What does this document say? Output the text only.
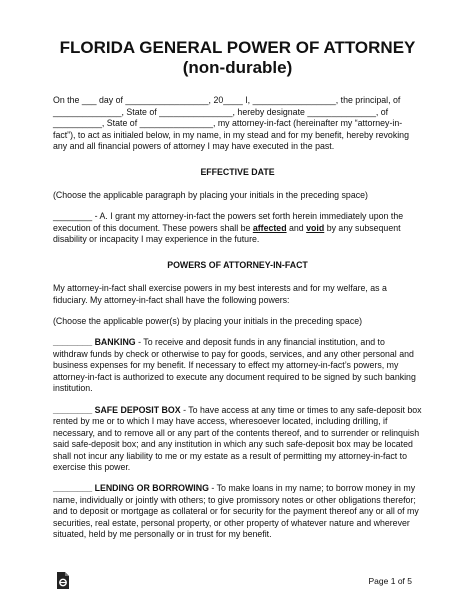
FLORIDA GENERAL POWER OF ATTORNEY
(non-durable)

On the ___ day of _________________, 20____ I, _________________, the principal, of ______________, State of _______________, hereby designate ______________, of __________, State of _______________, my attorney-in-fact (hereinafter my “attorney-in-fact”), to act as initialed below, in my name, in my stead and for my benefit, hereby revoking any and all financial powers of attorney I may have executed in the past.

EFFECTIVE DATE

(Choose the applicable paragraph by placing your initials in the preceding space)

________ - A. I grant my attorney-in-fact the powers set forth herein immediately upon the execution of this document. These powers shall be affected and void by any subsequent disability or incapacity I may experience in the future.

POWERS OF ATTORNEY-IN-FACT

My attorney-in-fact shall exercise powers in my best interests and for my welfare, as a fiduciary. My attorney-in-fact shall have the following powers:

(Choose the applicable power(s) by placing your initials in the preceding space)

________ BANKING - To receive and deposit funds in any financial institution, and to withdraw funds by check or otherwise to pay for goods, services, and any other personal and business expenses for my benefit. If necessary to effect my attorney-in-fact’s powers, my attorney-in-fact is authorized to execute any document required to be signed by such banking institution.

________ SAFE DEPOSIT BOX - To have access at any time or times to any safe-deposit box rented by me or to which I may have access, wheresoever located, including drilling, if necessary, and to remove all or any part of the contents thereof, and to surrender or relinquish said safe-deposit box; and any institution in which any such safe-deposit box may be located shall not incur any liability to me or my estate as a result of permitting my attorney-in-fact to exercise this power.

________ LENDING OR BORROWING - To make loans in my name; to borrow money in my name, individually or jointly with others; to give promissory notes or other obligations therefor; and to deposit or mortgage as collateral or for security for the payment thereof any or all of my securities, real estate, personal property, or other property of whatever nature and wherever situated, held by me personally or in trust for my benefit.

Page 1 of 5
